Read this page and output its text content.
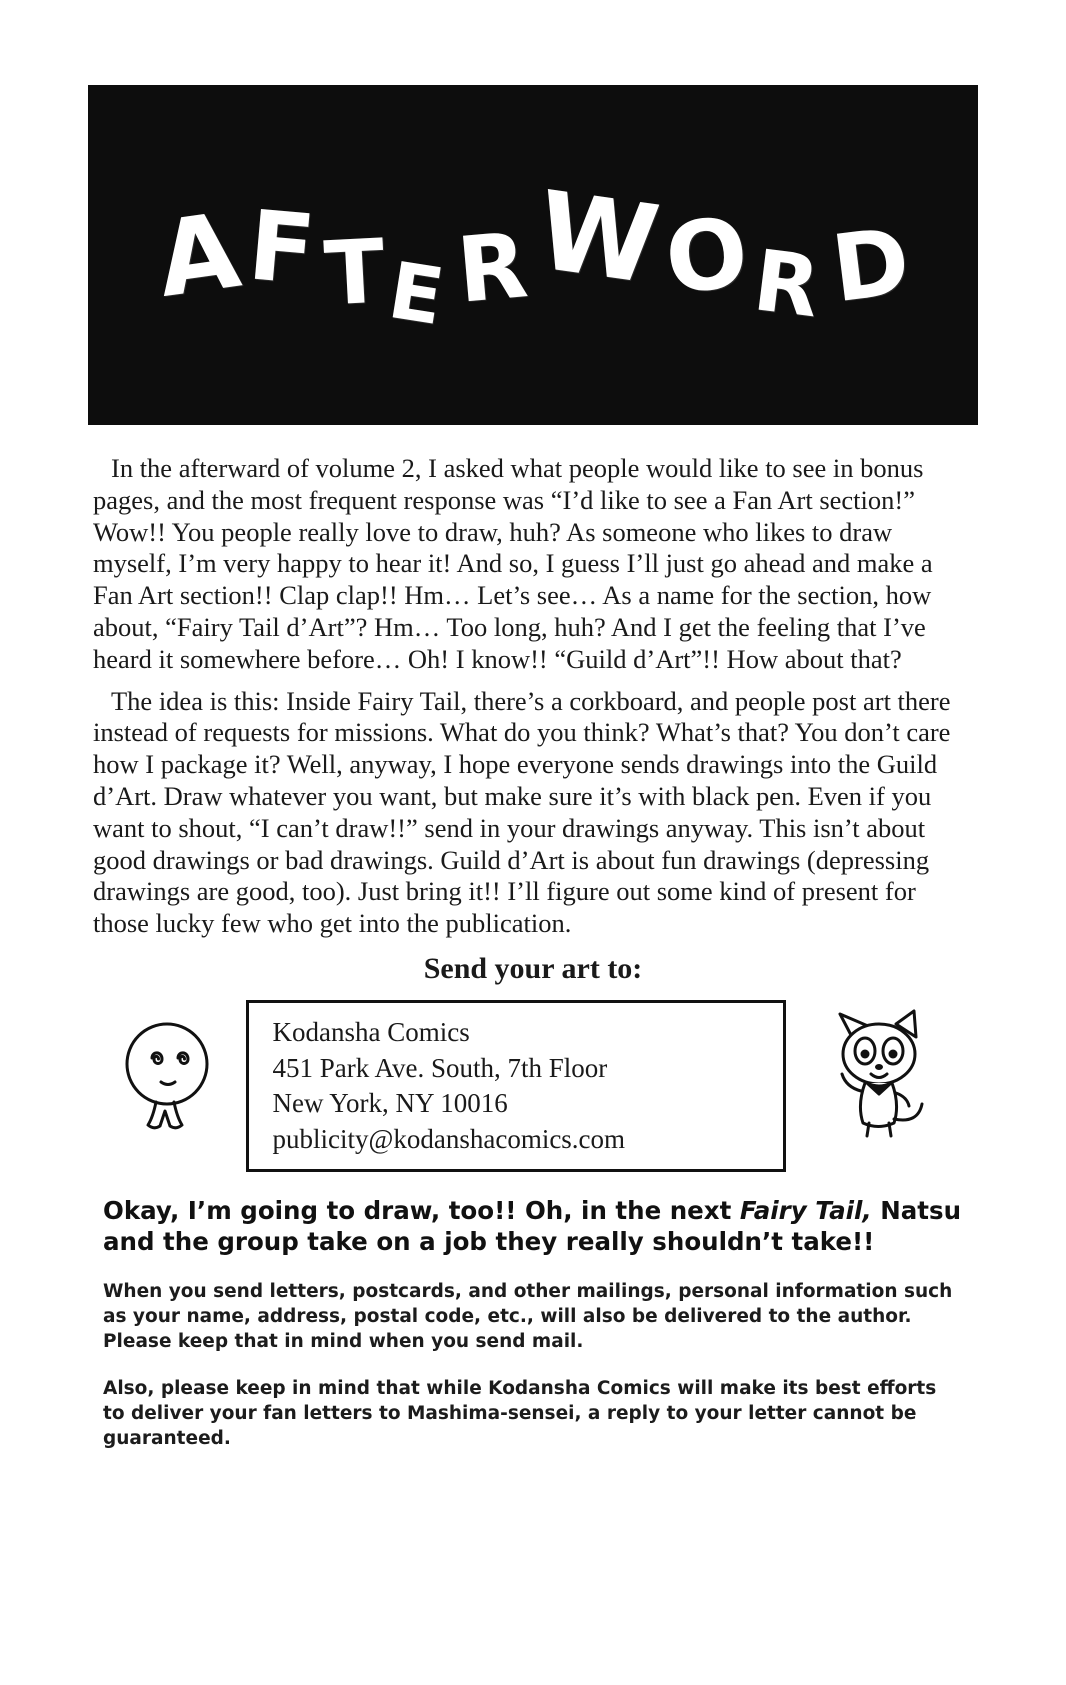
AFTERWORD

In the afterward of volume 2, I asked what people would like to see in bonus pages, and the most frequent response was “I’d like to see a Fan Art section!” Wow!! You people really love to draw, huh? As someone who likes to draw myself, I’m very happy to hear it! And so, I guess I’ll just go ahead and make a Fan Art section!! Clap clap!! Hm… Let’s see… As a name for the section, how about, “Fairy Tail d’Art”? Hm… Too long, huh? And I get the feeling that I’ve heard it somewhere before… Oh! I know!! “Guild d’Art”!! How about that?

The idea is this: Inside Fairy Tail, there’s a corkboard, and people post art there instead of requests for missions. What do you think? What’s that? You don’t care how I package it? Well, anyway, I hope everyone sends drawings into the Guild d’Art. Draw whatever you want, but make sure it’s with black pen. Even if you want to shout, “I can’t draw!!” send in your drawings anyway. This isn’t about good drawings or bad drawings. Guild d’Art is about fun drawings (depressing drawings are good, too). Just bring it!! I’ll figure out some kind of present for those lucky few who get into the publication.

Send your art to:
Kodansha Comics
451 Park Ave. South, 7th Floor
New York, NY 10016
publicity@kodanshacomics.com

Okay, I’m going to draw, too!! Oh, in the next Fairy Tail, Natsu and the group take on a job they really shouldn’t take!!

When you send letters, postcards, and other mailings, personal information such as your name, address, postal code, etc., will also be delivered to the author. Please keep that in mind when you send mail.

Also, please keep in mind that while Kodansha Comics will make its best efforts to deliver your fan letters to Mashima-sensei, a reply to your letter cannot be guaranteed.
